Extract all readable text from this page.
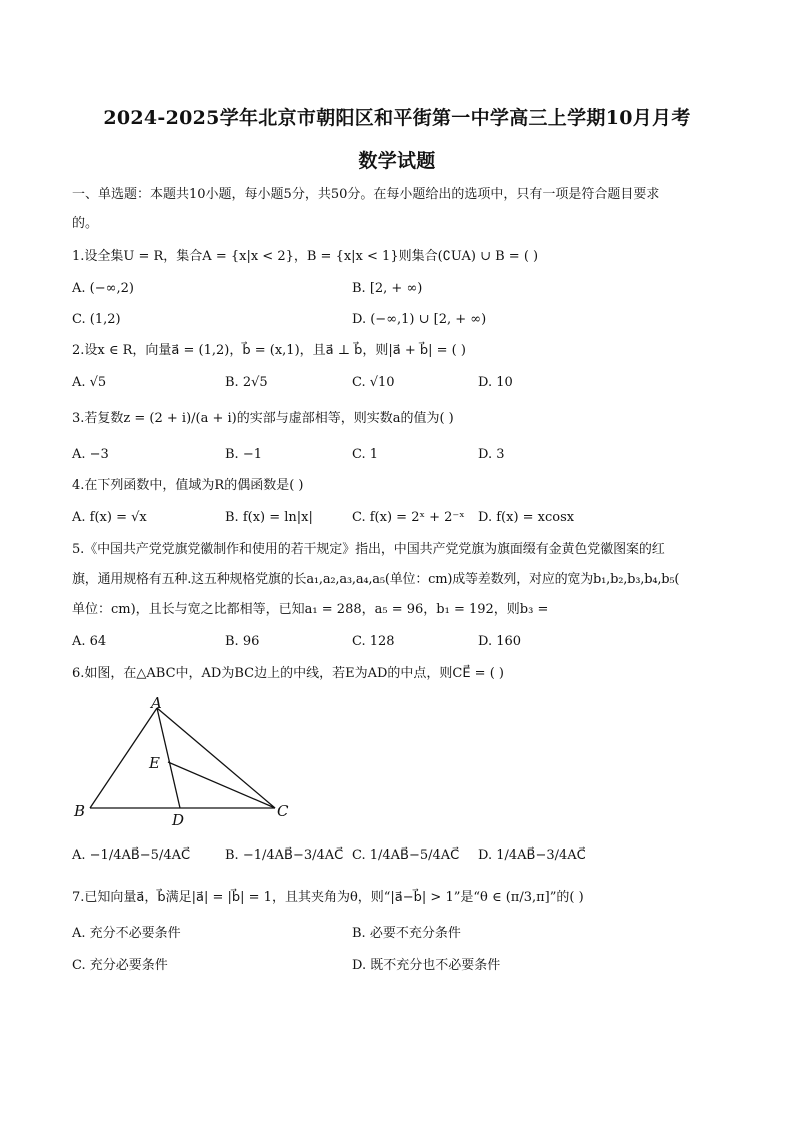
2024-2025学年北京市朝阳区和平街第一中学高三上学期10月月考
数学试题
一、单选题：本题共10小题，每小题5分，共50分。在每小题给出的选项中，只有一项是符合题目要求
的。
1.设全集U = R，集合A = {x|x < 2}，B = {x|x < 1}则集合(∁UA) ∪ B = ( )
A. (−∞,2)	B. [2, + ∞)
C. (1,2)	D. (−∞,1) ∪ [2, + ∞)
2.设x ∈ R，向量a⃗ = (1,2)，b⃗ = (x,1)，且a⃗ ⊥ b⃗，则|a⃗ + b⃗| = ( )
A. √5	B. 2√5	C. √10	D. 10
3.若复数z = (2 + i)/(a + i)的实部与虚部相等，则实数a的值为( )
A. −3	B. −1	C. 1	D. 3
4.在下列函数中，值域为R的偶函数是( )
A. f(x) = √x	B. f(x) = ln|x|	C. f(x) = 2ˣ + 2⁻ˣ D. f(x) = xcosx
5.《中国共产党党旗党徽制作和使用的若干规定》指出，中国共产党党旗为旗面缀有金黄色党徽图案的红
旗，通用规格有五种.这五种规格党旗的长a₁,a₂,a₃,a₄,a₅(单位：cm)成等差数列，对应的宽为b₁,b₂,b₃,b₄,b₅(
单位：cm)，且长与宽之比都相等，已知a₁ = 288，a₅ = 96，b₁ = 192，则b₃ =
A. 64	B. 96	C. 128	D. 160
6.如图，在△ABC中，AD为BC边上的中线，若E为AD的中点，则CE⃗ = ( )
A
E
B	D	C
A. −1/4AB⃗−5/4AC⃗	B. −1/4AB⃗−3/4AC⃗ C. 1/4AB⃗−5/4AC⃗ D. 1/4AB⃗−3/4AC⃗
7.已知向量a⃗，b⃗满足|a⃗| = |b⃗| = 1，且其夹角为θ，则“|a⃗−b⃗| > 1”是“θ ∈ (π/3,π]”的( )
A. 充分不必要条件	B. 必要不充分条件
C. 充分必要条件	D. 既不充分也不必要条件
